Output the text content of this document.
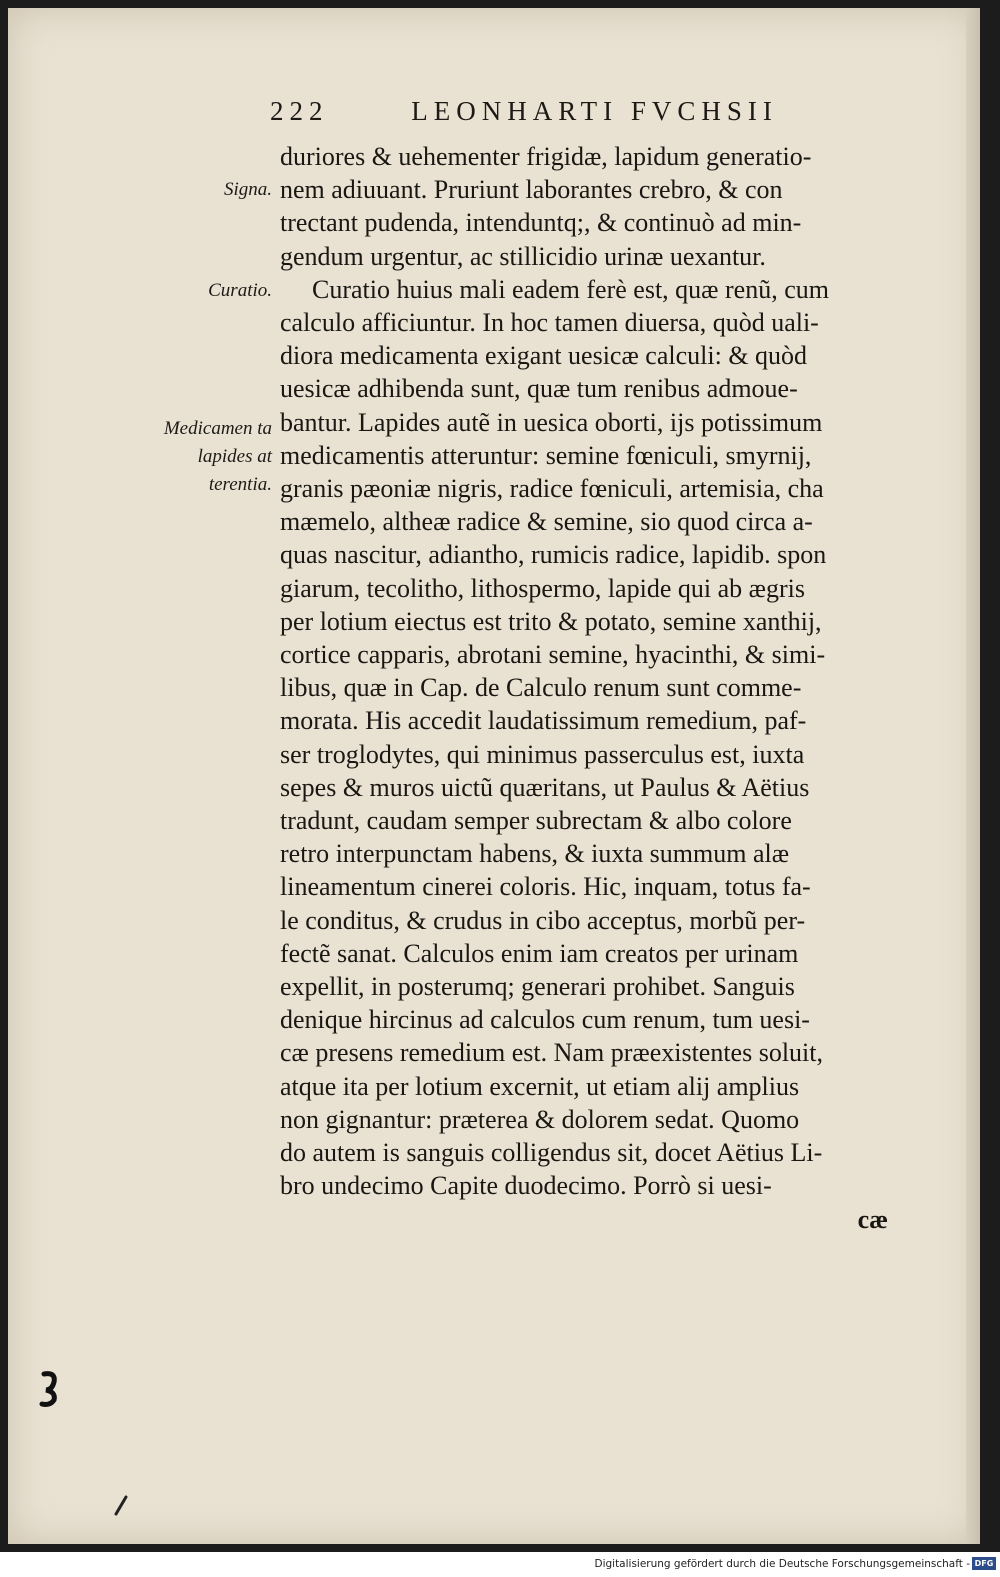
222	LEONHARTI FVCHSII
Signa.
Curatio.
Medicamen ta lapides at terentia.
duriores & uehementer frigidæ, lapidum generatio-
nem adiuuant. Pruriunt laborantes crebro, & con
trectant pudenda, intenduntq;, & continuò ad min-
gendum urgentur, ac stillicidio urinæ uexantur.
Curatio huius mali eadem ferè est, quæ renũ, cum
calculo afficiuntur. In hoc tamen diuersa, quòd uali-
diora medicamenta exigant uesicæ calculi: & quòd
uesicæ adhibenda sunt, quæ tum renibus admoue-
bantur. Lapides autẽ in uesica oborti, ijs potissimum
medicamentis atteruntur: semine fœniculi, smyrnij,
granis pæoniæ nigris, radice fœniculi, artemisia, cha
mæmelo, altheæ radice & semine, sio quod circa a-
quas nascitur, adiantho, rumicis radice, lapidib. spon
giarum, tecolitho, lithospermo, lapide qui ab ægris
per lotium eiectus est trito & potato, semine xanthij,
cortice capparis, abrotani semine, hyacinthi, & simi-
libus, quæ in Cap. de Calculo renum sunt comme-
morata. His accedit laudatissimum remedium, paf-
ser troglodytes, qui minimus passerculus est, iuxta
sepes & muros uictũ quæritans, ut Paulus & Aëtius
tradunt, caudam semper subrectam & albo colore
retro interpunctam habens, & iuxta summum alæ
lineamentum cinerei coloris. Hic, inquam, totus fa-
le conditus, & crudus in cibo acceptus, morbũ per-
fectẽ sanat. Calculos enim iam creatos per urinam
expellit, in posterumq; generari prohibet. Sanguis
denique hircinus ad calculos cum renum, tum uesi-
cæ presens remedium est. Nam præexistentes soluit,
atque ita per lotium excernit, ut etiam alij amplius
non gignantur: præterea & dolorem sedat. Quomo
do autem is sanguis colligendus sit, docet Aëtius Li-
bro undecimo Capite duodecimo. Porrò si uesi-
cæ
Digitalisierung gefördert durch die Deutsche Forschungsgemeinschaft - DFG
